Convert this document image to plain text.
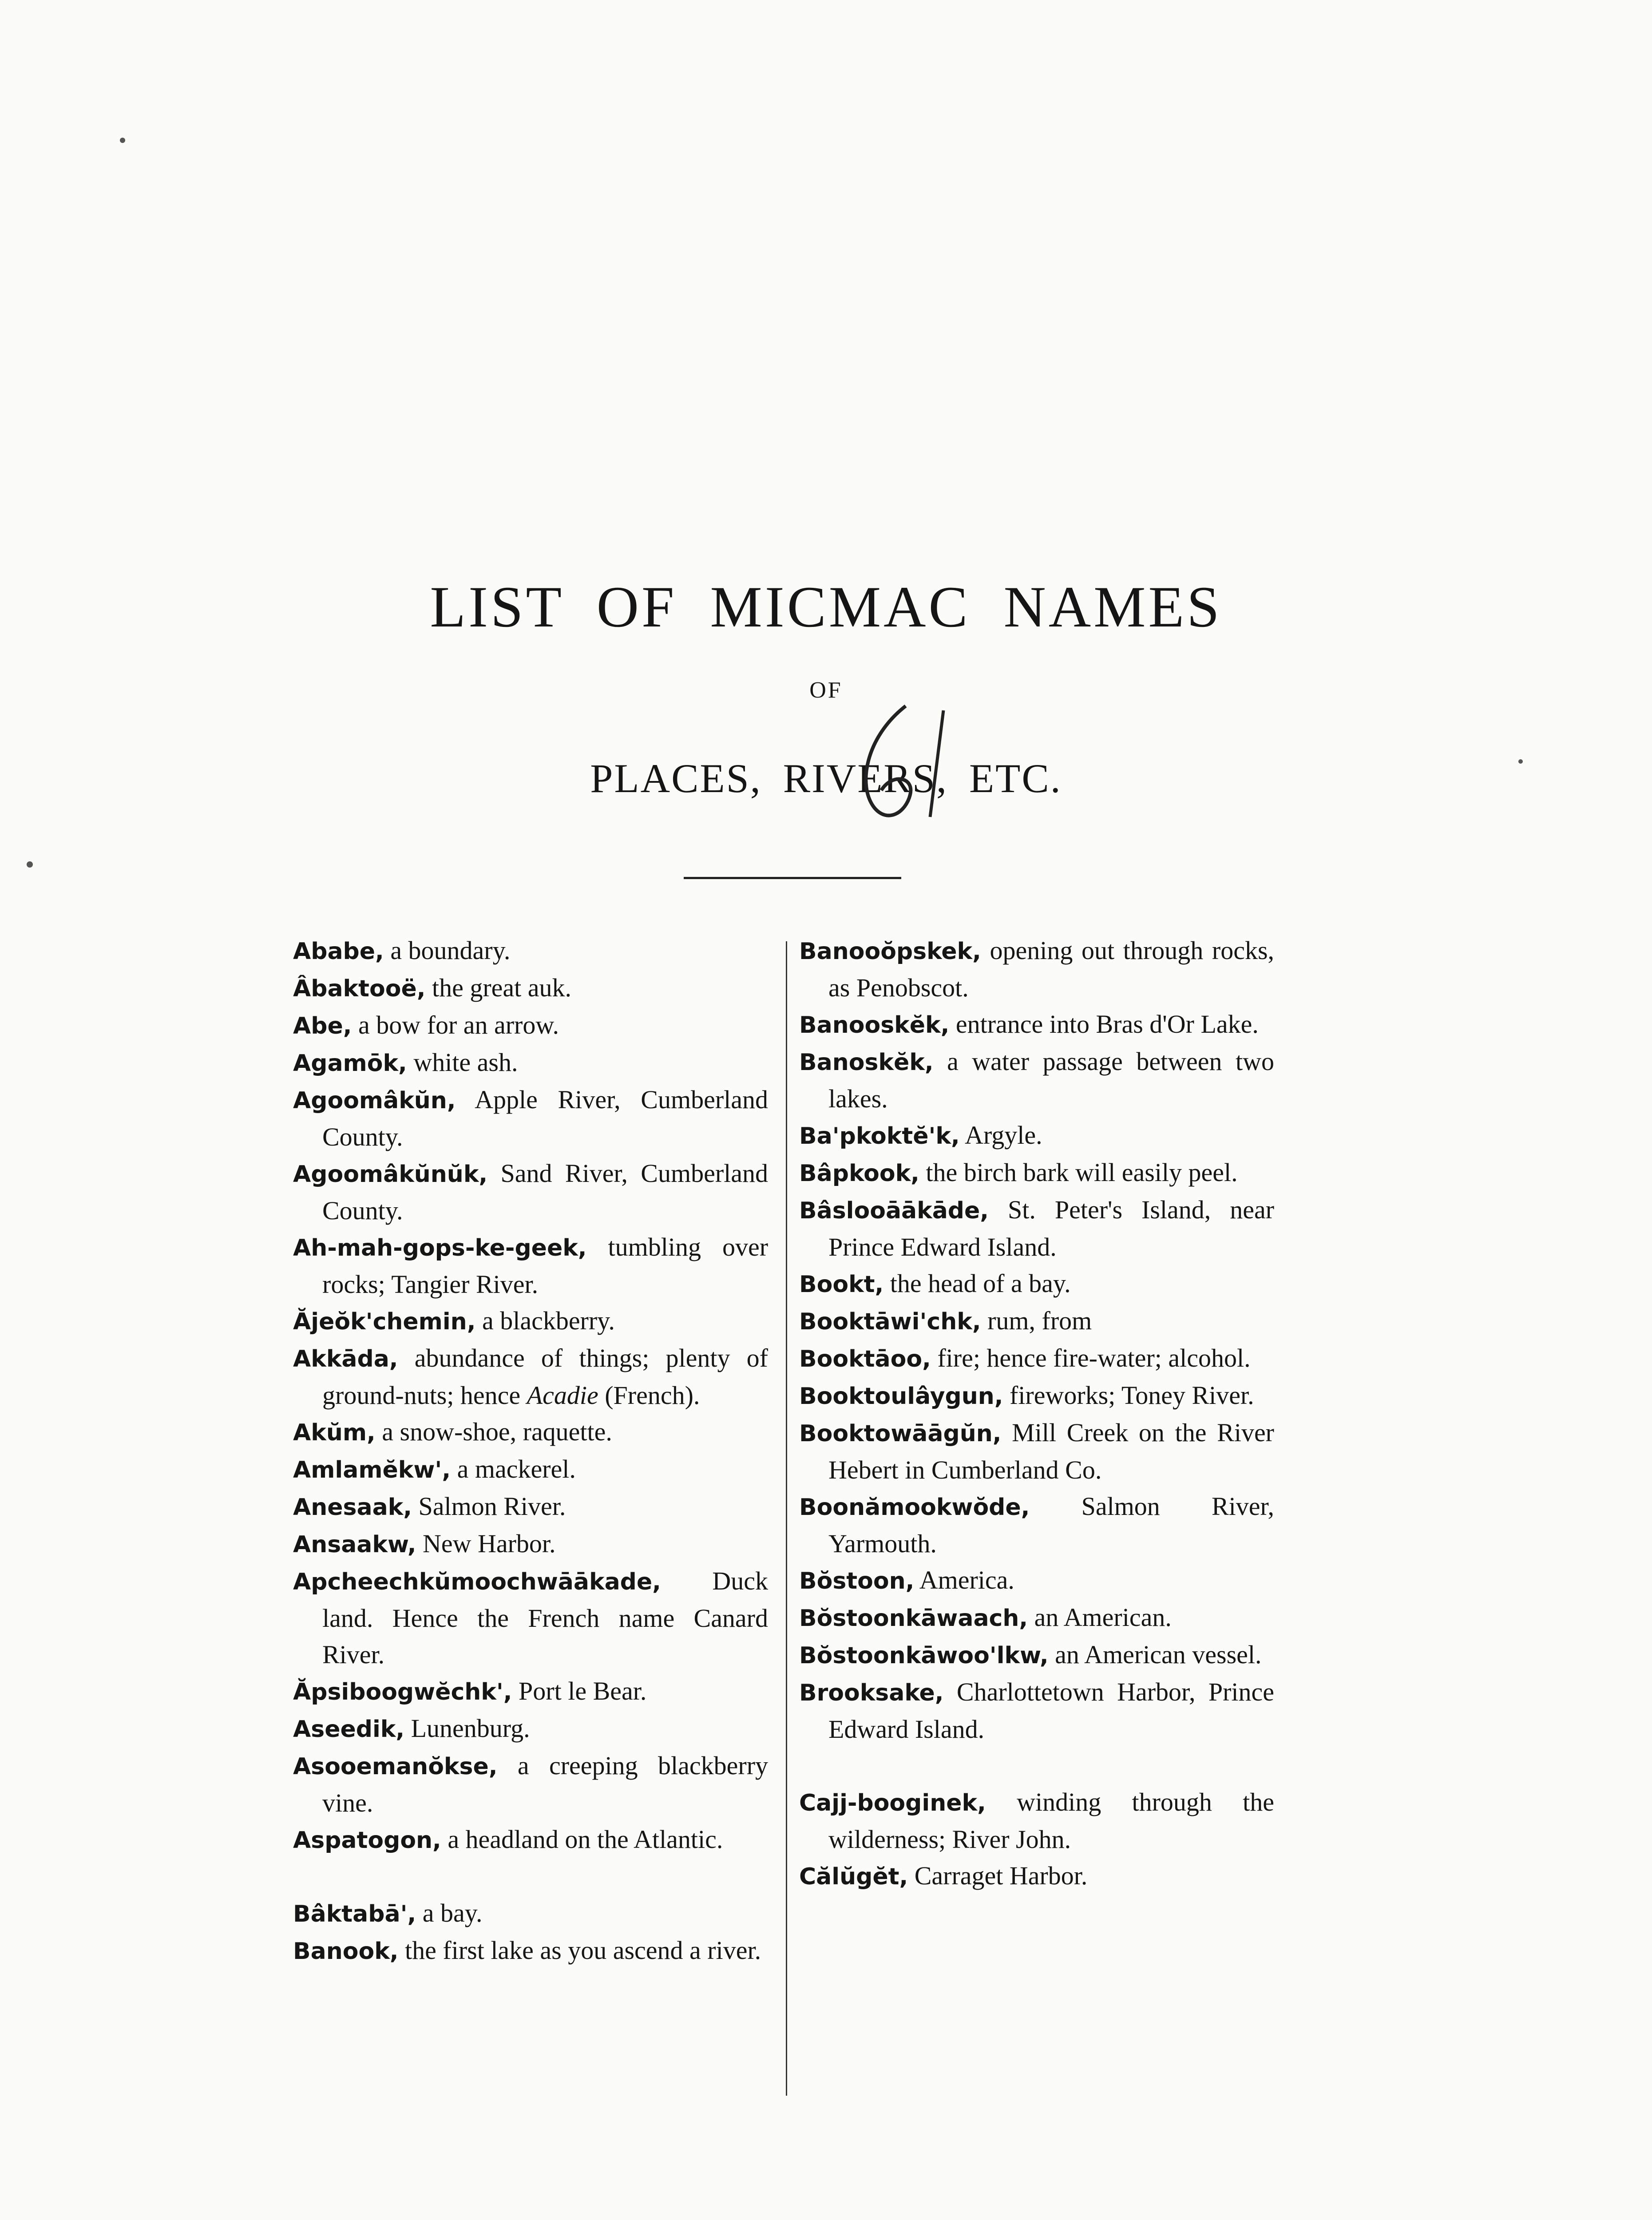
LIST OF MICMAC NAMES
OF
PLACES, RIVERS, ETC.
Ababe, a boundary.
Âbaktooë, the great auk.
Abe, a bow for an arrow.
Agamōk, white ash.
Agoomâkŭn, Apple River, Cumberland County.
Agoomâkŭnŭk, Sand River, Cumberland County.
Ah-mah-gops-ke-geek, tumbling over rocks; Tangier River.
Ăjeŏk'chemin, a blackberry.
Akkāda, abundance of things; plenty of ground-nuts; hence Acadie (French).
Akŭm, a snow-shoe, raquette.
Amlamĕkw', a mackerel.
Anesaak, Salmon River.
Ansaakw, New Harbor.
Apcheechkŭmoochwāākade, Duck land. Hence the French name Canard River.
Ăpsiboogwĕchk', Port le Bear.
Aseedik, Lunenburg.
Asooemanŏkse, a creeping blackberry vine.
Aspatogon, a headland on the Atlantic.
Bâktabā', a bay.
Banook, the first lake as you ascend a river.
Banooŏpskek, opening out through rocks, as Penobscot.
Banooskĕk, entrance into Bras d'Or Lake.
Banoskĕk, a water passage between two lakes.
Ba'pkoktĕ'k, Argyle.
Bâpkook, the birch bark will easily peel.
Bâslooāākāde, St. Peter's Island, near Prince Edward Island.
Bookt, the head of a bay.
Booktāwi'chk, rum, from
Booktāoo, fire; hence fire-water; alcohol.
Booktoulâygun, fireworks; Toney River.
Booktowāāgŭn, Mill Creek on the River Hebert in Cumberland Co.
Boonămookwŏde, Salmon River, Yarmouth.
Bŏstoon, America.
Bŏstoonkāwaach, an American.
Bŏstoonkāwoo'lkw, an American vessel.
Brooksake, Charlottetown Harbor, Prince Edward Island.
Cajj-booginek, winding through the wilderness; River John.
Călŭgĕt, Carraget Harbor.
